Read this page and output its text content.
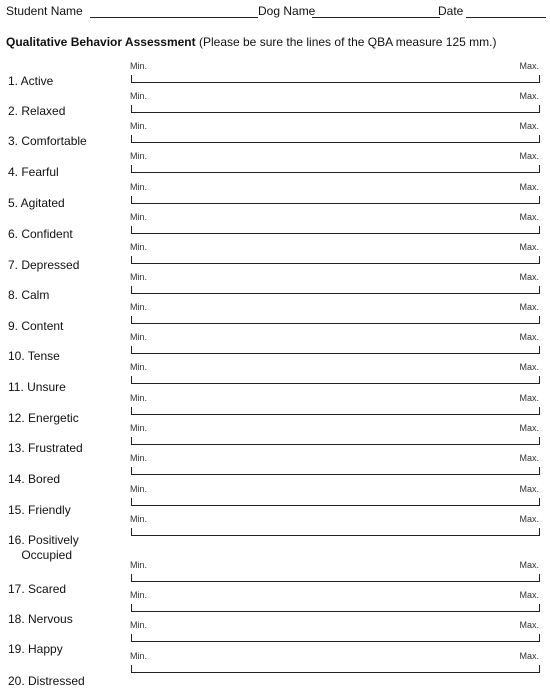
Student Name	Dog Name	Date
Qualitative Behavior Assessment (Please be sure the lines of the QBA measure 125 mm.)
1. Active
Min.	Max.
2. Relaxed
Min.	Max.
3. Comfortable
Min.	Max.
4. Fearful
Min.	Max.
5. Agitated
Min.	Max.
6. Confident
Min.	Max.
7. Depressed
Min.	Max.
8. Calm
Min.	Max.
9. Content
Min.	Max.
10. Tense
Min.	Max.
11. Unsure
Min.	Max.
12. Energetic
Min.	Max.
13. Frustrated
Min.	Max.
14. Bored
Min.	Max.
15. Friendly
Min.	Max.
16. Positively
Occupied
Min.	Max.
17. Scared
Min.	Max.
18. Nervous
Min.	Max.
19. Happy
Min.	Max.
20. Distressed
Min.	Max.
